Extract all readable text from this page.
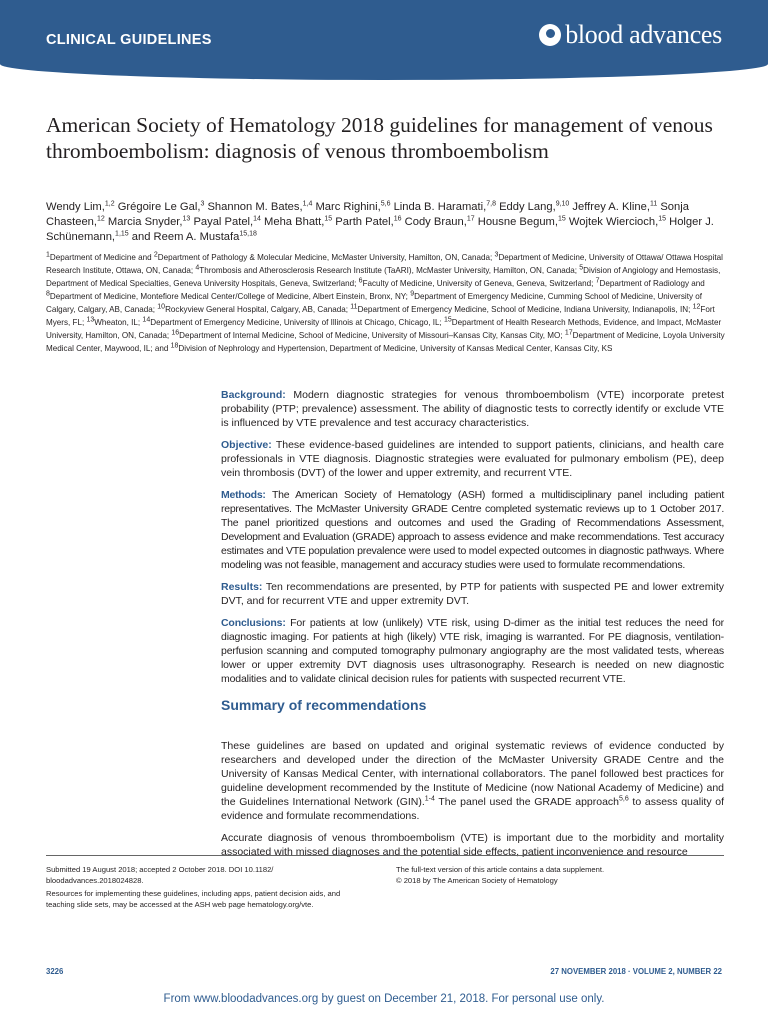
CLINICAL GUIDELINES	blood advances
American Society of Hematology 2018 guidelines for management of venous thromboembolism: diagnosis of venous thromboembolism

Wendy Lim,$^{1,2}$ Grégoire Le Gal,$^3$ Shannon M. Bates,$^{1,4}$ Marc Righini,$^{5,6}$ Linda B. Haramati,$^{7,8}$ Eddy Lang,$^{9,10}$ Jeffrey A. Kline,$^{11}$ Sonja Chasteen,$^{12}$ Marcia Snyder,$^{13}$ Payal Patel,$^{14}$ Meha Bhatt,$^{15}$ Parth Patel,$^{16}$ Cody Braun,$^{17}$ Housne Begum,$^{15}$ Wojtek Wiercioch,$^{15}$ Holger J. Schünemann,$^{1,15}$ and Reem A. Mustafa$^{15,18}$

$^1$Department of Medicine and $^2$Department of Pathology & Molecular Medicine, McMaster University, Hamilton, ON, Canada; $^3$Department of Medicine, University of Ottawa/ Ottawa Hospital Research Institute, Ottawa, ON, Canada; $^4$Thrombosis and Atherosclerosis Research Institute (TaARI), McMaster University, Hamilton, ON, Canada; $^5$Division of Angiology and Hemostasis, Department of Medical Specialties, Geneva University Hospitals, Geneva, Switzerland; $^6$Faculty of Medicine, University of Geneva, Geneva, Switzerland; $^7$Department of Radiology and $^8$Department of Medicine, Montefiore Medical Center/College of Medicine, Albert Einstein, Bronx, NY; $^9$Department of Emergency Medicine, Cumming School of Medicine, University of Calgary, Calgary, AB, Canada; $^{10}$Rockyview General Hospital, Calgary, AB, Canada; $^{11}$Department of Emergency Medicine, School of Medicine, Indiana University, Indianapolis, IN; $^{12}$Fort Myers, FL; $^{13}$Wheaton, IL; $^{14}$Department of Emergency Medicine, University of Illinois at Chicago, Chicago, IL; $^{15}$Department of Health Research Methods, Evidence, and Impact, McMaster University, Hamilton, ON, Canada; $^{16}$Department of Internal Medicine, School of Medicine, University of Missouri–Kansas City, Kansas City, MO; $^{17}$Department of Medicine, Loyola University Medical Center, Maywood, IL; and $^{18}$Division of Nephrology and Hypertension, Department of Medicine, University of Kansas Medical Center, Kansas City, KS

Background: Modern diagnostic strategies for venous thromboembolism (VTE) incorporate pretest probability (PTP; prevalence) assessment. The ability of diagnostic tests to correctly identify or exclude VTE is influenced by VTE prevalence and test accuracy characteristics.

Objective: These evidence-based guidelines are intended to support patients, clinicians, and health care professionals in VTE diagnosis. Diagnostic strategies were evaluated for pulmonary embolism (PE), deep vein thrombosis (DVT) of the lower and upper extremity, and recurrent VTE.

Methods: The American Society of Hematology (ASH) formed a multidisciplinary panel including patient representatives. The McMaster University GRADE Centre completed systematic reviews up to 1 October 2017. The panel prioritized questions and outcomes and used the Grading of Recommendations Assessment, Development and Evaluation (GRADE) approach to assess evidence and make recommendations. Test accuracy estimates and VTE population prevalence were used to model expected outcomes in diagnostic pathways. Where modeling was not feasible, management and accuracy studies were used to formulate recommendations.

Results: Ten recommendations are presented, by PTP for patients with suspected PE and lower extremity DVT, and for recurrent VTE and upper extremity DVT.

Conclusions: For patients at low (unlikely) VTE risk, using D-dimer as the initial test reduces the need for diagnostic imaging. For patients at high (likely) VTE risk, imaging is warranted. For PE diagnosis, ventilation-perfusion scanning and computed tomography pulmonary angiography are the most validated tests, whereas lower or upper extremity DVT diagnosis uses ultrasonography. Research is needed on new diagnostic modalities and to validate clinical decision rules for patients with suspected recurrent VTE.

Summary of recommendations

These guidelines are based on updated and original systematic reviews of evidence conducted by researchers and developed under the direction of the McMaster University GRADE Centre and the University of Kansas Medical Center, with international collaborators. The panel followed best practices for guideline development recommended by the Institute of Medicine (now National Academy of Medicine) and the Guidelines International Network (GIN).$^{1-4}$ The panel used the GRADE approach$^{5,6}$ to assess quality of evidence and formulate recommendations.

Accurate diagnosis of venous thromboembolism (VTE) is important due to the morbidity and mortality associated with missed diagnoses and the potential side effects, patient inconvenience and resource

Submitted 19 August 2018; accepted 2 October 2018. DOI 10.1182/ bloodadvances.2018024828.

Resources for implementing these guidelines, including apps, patient decision aids, and teaching slide sets, may be accessed at the ASH web page hematology.org/vte.

The full-text version of this article contains a data supplement.

© 2018 by The American Society of Hematology

3226	27 NOVEMBER 2018 · VOLUME 2, NUMBER 22
From www.bloodadvances.org by guest on December 21, 2018. For personal use only.
